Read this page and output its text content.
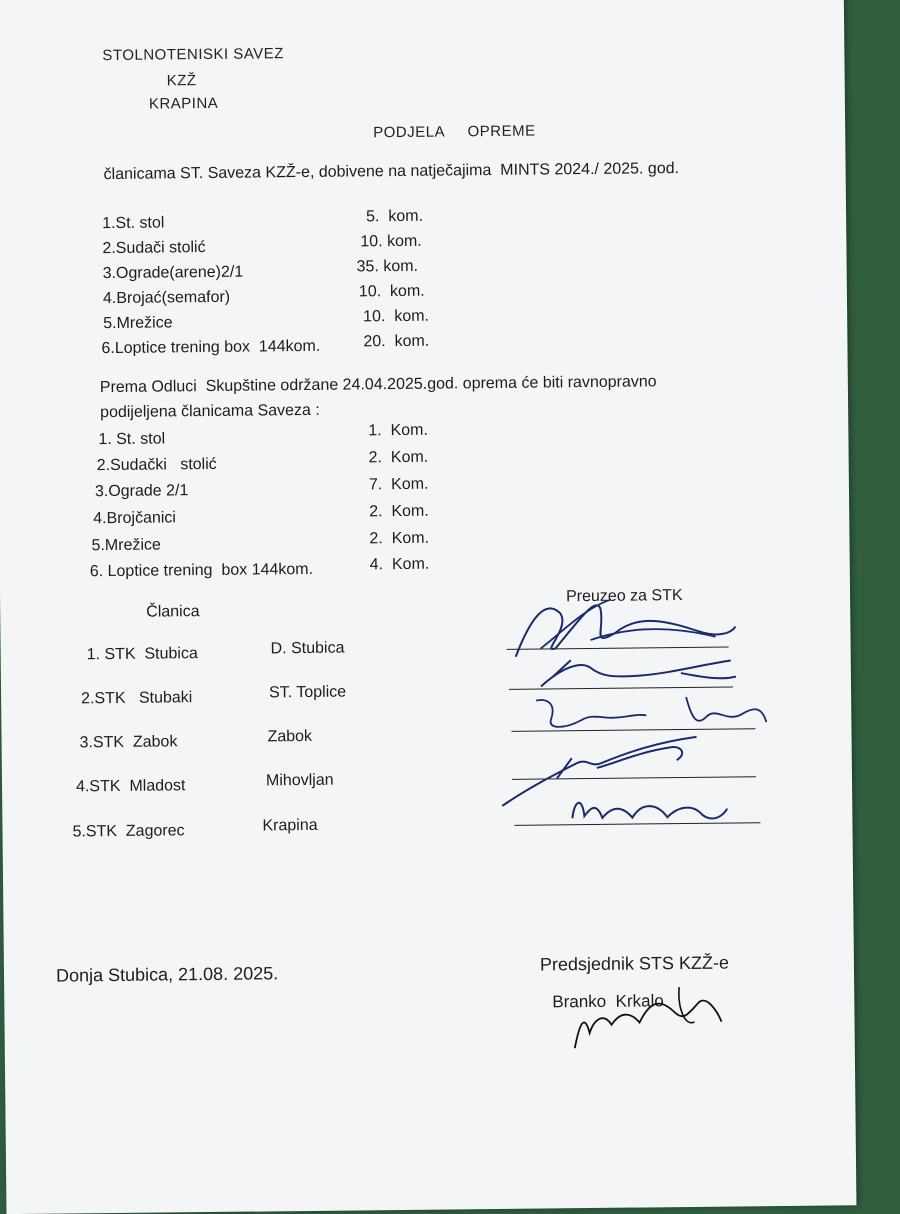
STOLNOTENISKI SAVEZ
KZŽ
KRAPINA
PODJELA     OPREME
članicama ST. Saveza KZŽ-e, dobivene na natječajima  MINTS 2024./ 2025. god.
1.St. stol	5.  kom.
2.Sudači stolić	10. kom.
3.Ograde(arene)2/1	35. kom.
4.Brojać(semafor)	10.  kom.
5.Mrežice	10.  kom.
6.Loptice trening box  144kom.	20.  kom.
Prema Odluci  Skupštine održane 24.04.2025.god. oprema će biti ravnopravno
podijeljena članicama Saveza :
1. St. stol	1.  Kom.
2.Sudački   stolić	2.  Kom.
3.Ograde 2/1	7.  Kom.
4.Brojčanici	2.  Kom.
5.Mrežice	2.  Kom.
6. Loptice trening  box 144kom.	4.  Kom.
Članica
Preuzeo za STK
1. STK  Stubica	D. Stubica
2.STK   Stubaki	ST. Toplice
3.STK  Zabok	Zabok
4.STK  Mladost	Mihovljan
5.STK  Zagorec	Krapina
Donja Stubica, 21.08. 2025.	Predsjednik STS KZŽ-e
Branko  Krkalo
